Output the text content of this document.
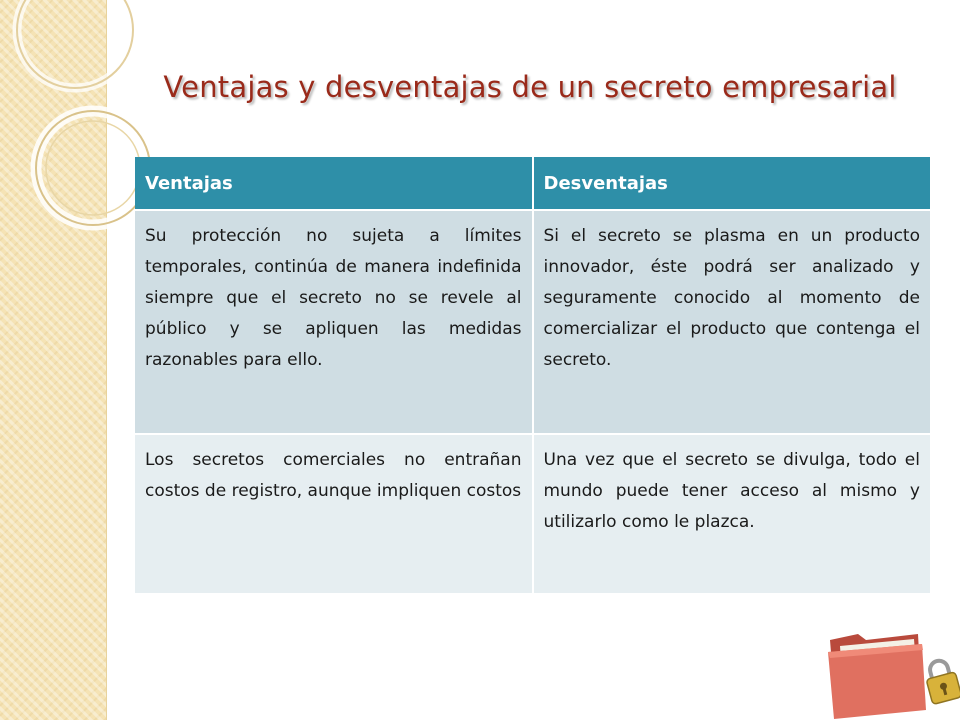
Ventajas y desventajas de un secreto empresarial
Ventajas	Desventajas
Su protección no sujeta a límites temporales, continúa de manera indefinida siempre que el secreto no se revele al público y se apliquen las medidas razonables para ello.	Si el secreto se plasma en un producto innovador, éste podrá ser analizado y seguramente conocido al momento de comercializar el producto que contenga el secreto.
Los secretos comerciales no entrañan costos de registro, aunque impliquen costos	Una vez que el secreto se divulga, todo el mundo puede tener acceso al mismo y utilizarlo como le plazca.
